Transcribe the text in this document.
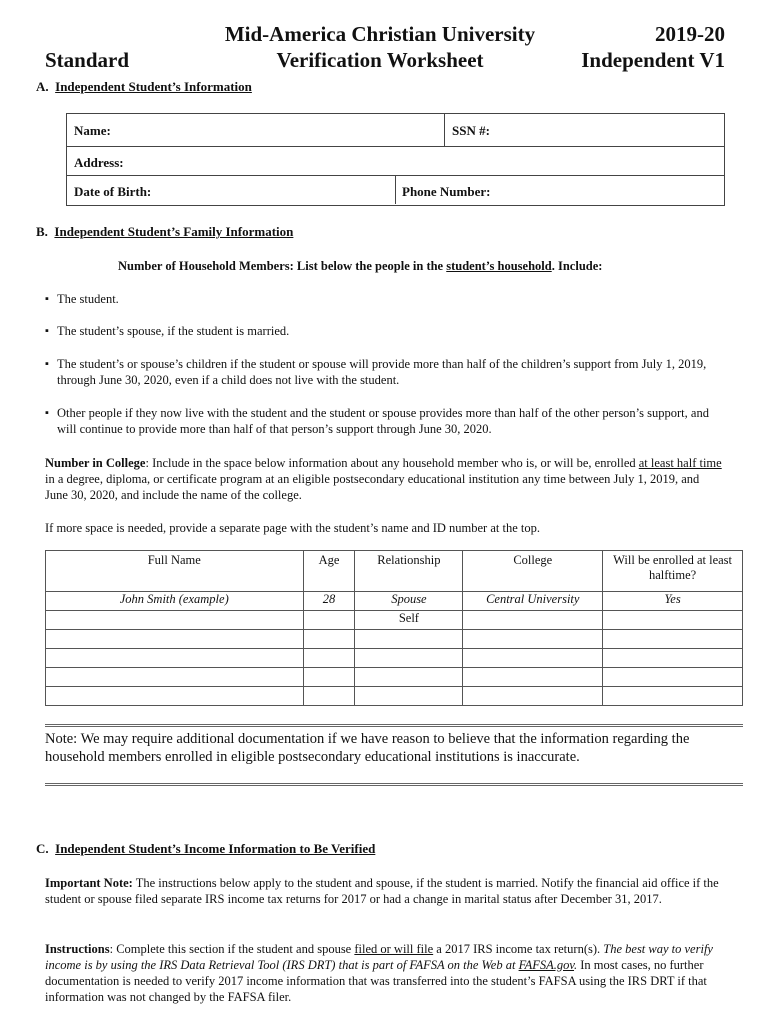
Standard
Mid-America Christian University
Verification Worksheet
2019-20
Independent V1
A. Independent Student’s Information
Name:	SSN #:
Address:
Date of Birth:	Phone Number:
B. Independent Student’s Family Information
Number of Household Members: List below the people in the student’s household. Include:
▪ The student.
▪ The student’s spouse, if the student is married.
▪ The student’s or spouse’s children if the student or spouse will provide more than half of the children’s support from July 1, 2019, through June 30, 2020, even if a child does not live with the student.
▪ Other people if they now live with the student and the student or spouse provides more than half of the other person’s support, and will continue to provide more than half of that person’s support through June 30, 2020.
Number in College: Include in the space below information about any household member who is, or will be, enrolled at least half time in a degree, diploma, or certificate program at an eligible postsecondary educational institution any time between July 1, 2019, and June 30, 2020, and include the name of the college.
If more space is needed, provide a separate page with the student’s name and ID number at the top.
Full Name	Age	Relationship	College	Will be enrolled at least halftime?
John Smith (example)	28	Spouse	Central University	Yes
		Self		

Note: We may require additional documentation if we have reason to believe that the information regarding the household members enrolled in eligible postsecondary educational institutions is inaccurate.
C. Independent Student’s Income Information to Be Verified
Important Note: The instructions below apply to the student and spouse, if the student is married. Notify the financial aid office if the student or spouse filed separate IRS income tax returns for 2017 or had a change in marital status after December 31, 2017.
Instructions: Complete this section if the student and spouse filed or will file a 2017 IRS income tax return(s). The best way to verify income is by using the IRS Data Retrieval Tool (IRS DRT) that is part of FAFSA on the Web at FAFSA.gov. In most cases, no further documentation is needed to verify 2017 income information that was transferred into the student’s FAFSA using the IRS DRT if that information was not changed by the FAFSA filer.
